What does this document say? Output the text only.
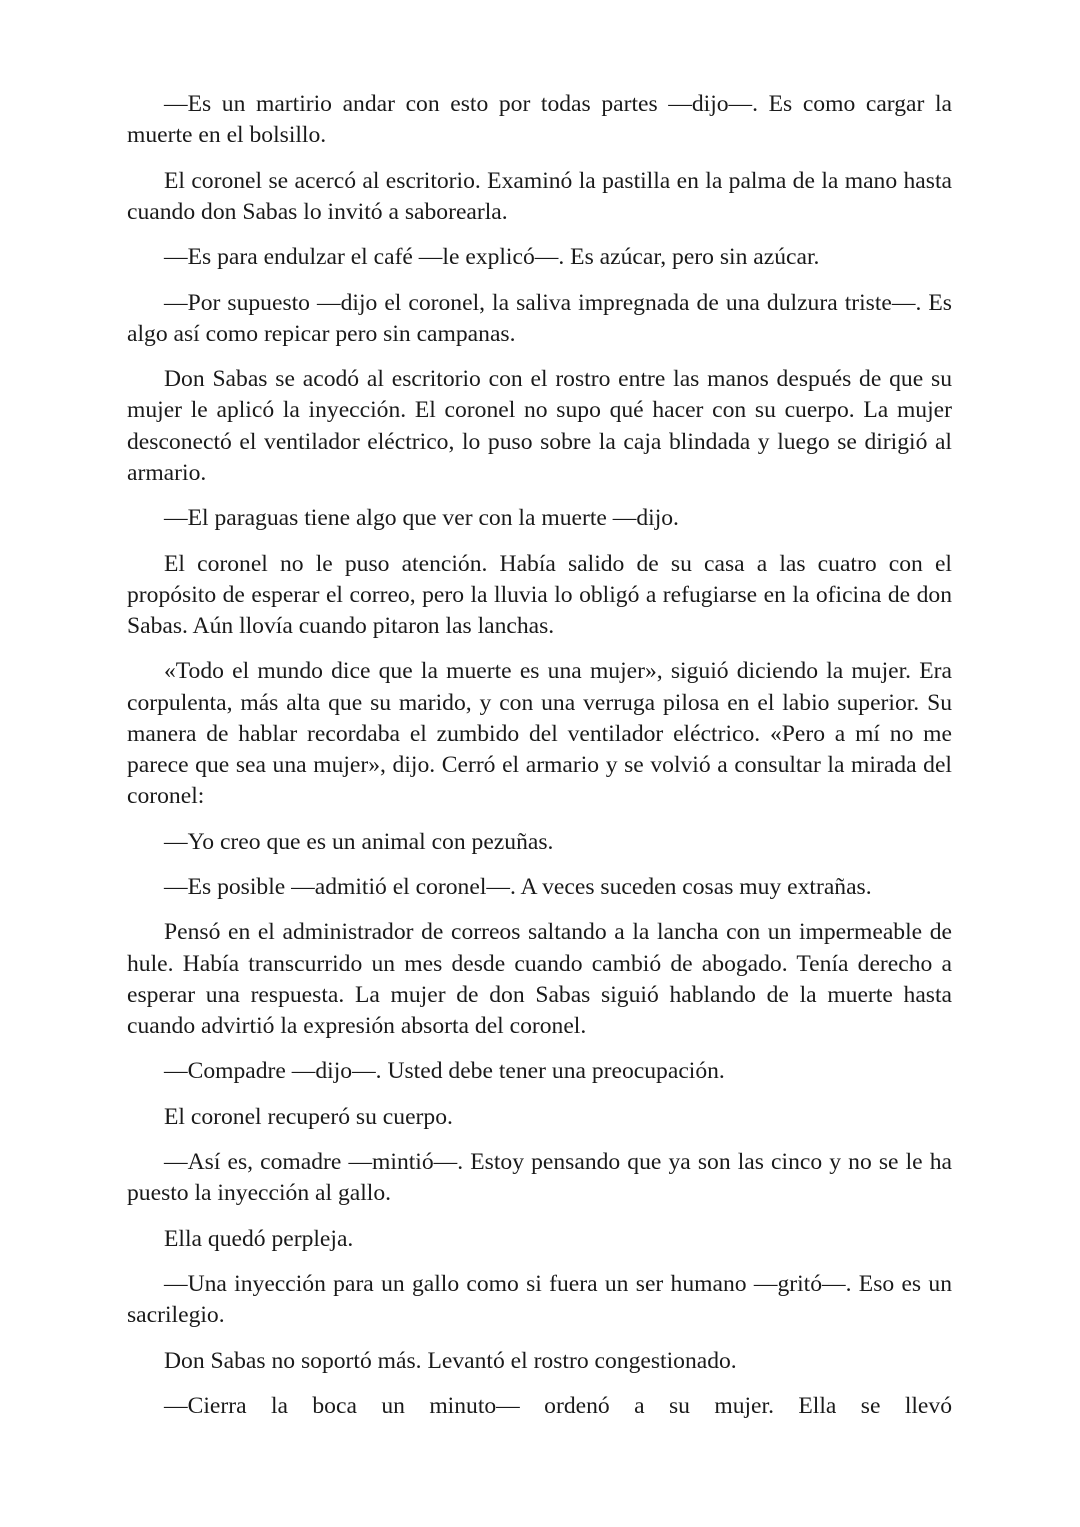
—Es un martirio andar con esto por todas partes —dijo—. Es como cargar la muerte en el bolsillo.

El coronel se acercó al escritorio. Examinó la pastilla en la palma de la mano hasta cuando don Sabas lo invitó a saborearla.

—Es para endulzar el café —le explicó—. Es azúcar, pero sin azúcar.

—Por supuesto —dijo el coronel, la saliva impregnada de una dulzura triste—. Es algo así como repicar pero sin campanas.

Don Sabas se acodó al escritorio con el rostro entre las manos después de que su mujer le aplicó la inyección. El coronel no supo qué hacer con su cuerpo. La mujer desconectó el ventilador eléctrico, lo puso sobre la caja blindada y luego se dirigió al armario.

—El paraguas tiene algo que ver con la muerte —dijo.

El coronel no le puso atención. Había salido de su casa a las cuatro con el propósito de esperar el correo, pero la lluvia lo obligó a refugiarse en la oficina de don Sabas. Aún llovía cuando pitaron las lanchas.

«Todo el mundo dice que la muerte es una mujer», siguió diciendo la mujer. Era corpulenta, más alta que su marido, y con una verruga pilosa en el labio superior. Su manera de hablar recordaba el zumbido del ventilador eléctrico. «Pero a mí no me parece que sea una mujer», dijo. Cerró el armario y se volvió a consultar la mirada del coronel:

—Yo creo que es un animal con pezuñas.

—Es posible —admitió el coronel—. A veces suceden cosas muy extrañas.

Pensó en el administrador de correos saltando a la lancha con un impermeable de hule. Había transcurrido un mes desde cuando cambió de abogado. Tenía derecho a esperar una respuesta. La mujer de don Sabas siguió hablando de la muerte hasta cuando advirtió la expresión absorta del coronel.

—Compadre —dijo—. Usted debe tener una preocupación.

El coronel recuperó su cuerpo.

—Así es, comadre —mintió—. Estoy pensando que ya son las cinco y no se le ha puesto la inyección al gallo.

Ella quedó perpleja.

—Una inyección para un gallo como si fuera un ser humano —gritó—. Eso es un sacrilegio.

Don Sabas no soportó más. Levantó el rostro congestionado.

—Cierra la boca un minuto— ordenó a su mujer. Ella se llevó
